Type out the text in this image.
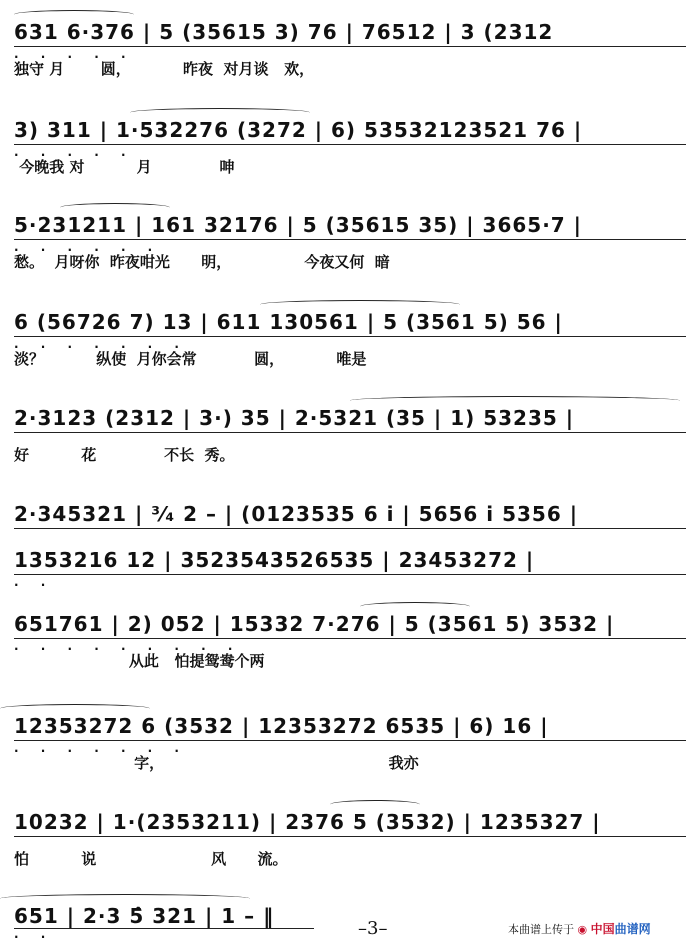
631 6·376 | 5 (35615 3) 76 | 76512 | 3 (2312
· · · · ·
独守 月       圆，          昨夜  对月谈   欢，
3) 311 | 1·532276 (3272 | 6) 53532123521 76 |
· · · · ·
今晚我 对          月             呻
5·231211 | 161 32176 | 5 (35615 35) | 3665·7 |
· · · · · ·
愁。  月呀你  昨夜咁光      明，              今夜又何  暗
6 (56726 7) 13 | 611 130561 | 5 (3561 5) 56 |
· · · · · · ·
淡？          纵使  月你会常           圆，          唯是
2·3123 (2312 | 3·) 35 | 2·5321 (35 | 1) 53235 |
好          花             不长  秀。
2·345321 | ³⁄₄ 2 – | (0123535 6 i | 5656 i 5356 |
1353216 12 | 3523543526535 | 23453272 |
· ·
651761 | 2) 052 | 15332 7·276 | 5 (3561 5) 3532 |
· · · · · · · · ·
从此   怕提鸳鸯个两
12353272 6 (3532 | 12353272 6535 | 6) 16 |
· · · · · · ·
字，                                           我亦
10232 | 1·(2353211) | 2376 5 (3532) | 1235327 |
怕          说                      风      流。
651 | 2·3 5̂ 321 | 1 – ‖
· ·	–3–	本曲谱上传于 ◉ 中国曲谱网
